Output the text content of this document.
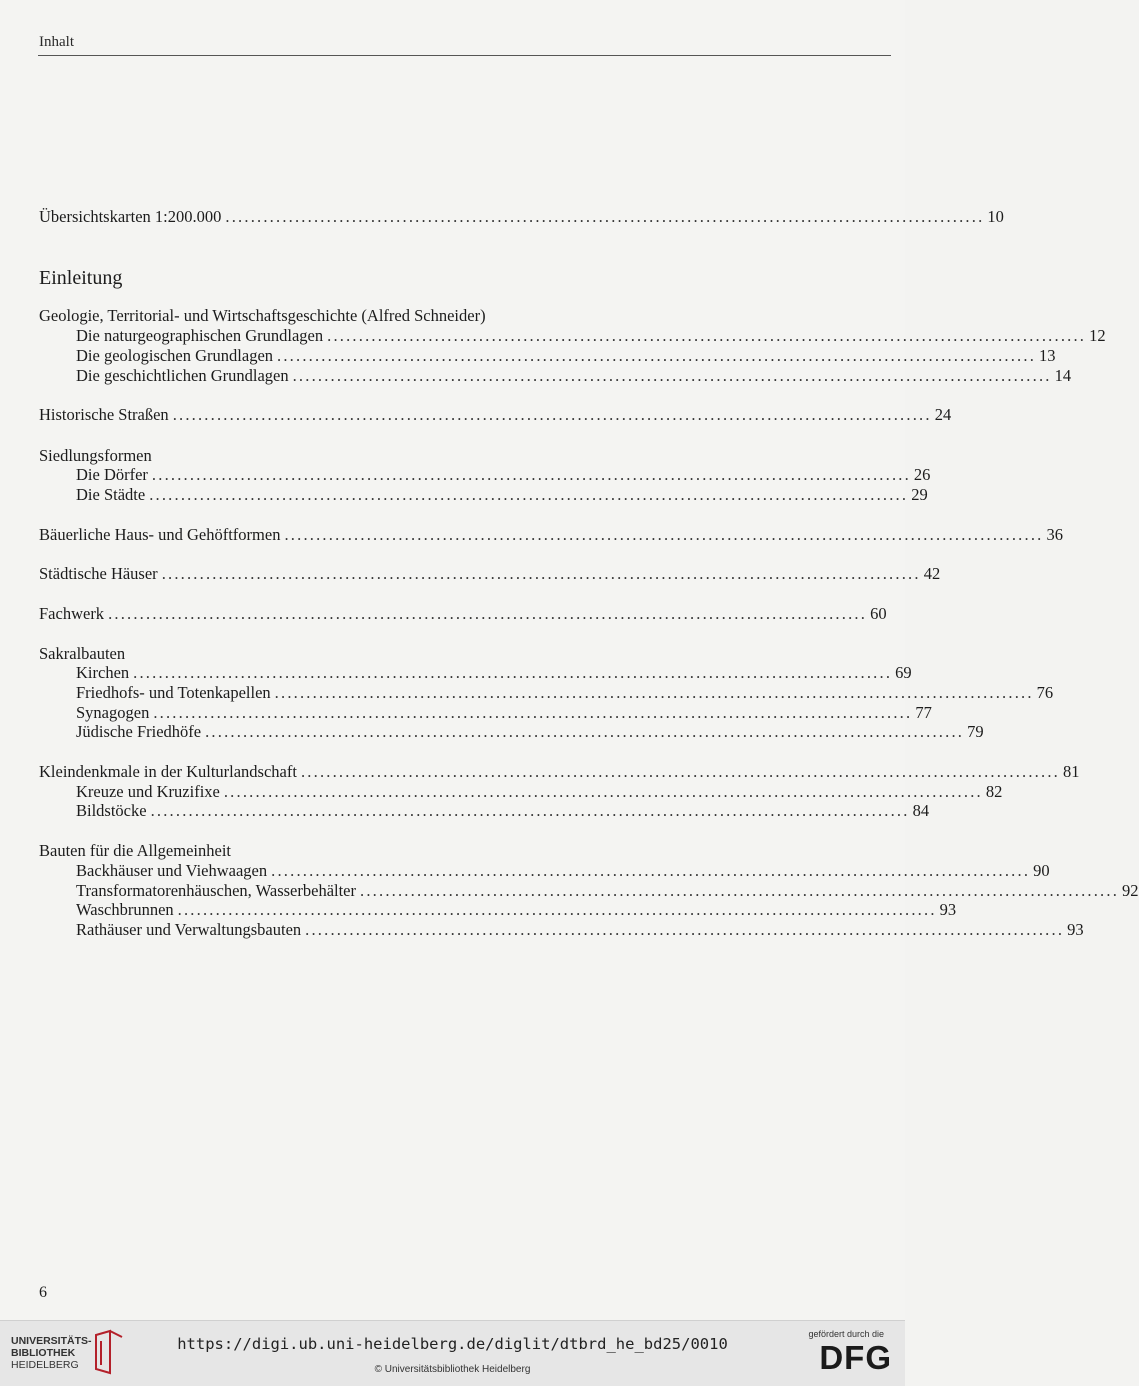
Inhalt
Übersichtskarten 1:200.000 ........................................................................................................................ 10
Einleitung
Geologie, Territorial- und Wirtschaftsgeschichte (Alfred Schneider)
Die naturgeographischen Grundlagen ........................................................................................................................ 12
Die geologischen Grundlagen ........................................................................................................................ 13
Die geschichtlichen Grundlagen ........................................................................................................................ 14
Historische Straßen ........................................................................................................................ 24
Siedlungsformen
Die Dörfer ........................................................................................................................ 26
Die Städte ........................................................................................................................ 29
Bäuerliche Haus- und Gehöftformen ........................................................................................................................ 36
Städtische Häuser ........................................................................................................................ 42
Fachwerk ........................................................................................................................ 60
Sakralbauten
Kirchen ........................................................................................................................ 69
Friedhofs- und Totenkapellen ........................................................................................................................ 76
Synagogen ........................................................................................................................ 77
Jüdische Friedhöfe ........................................................................................................................ 79
Kleindenkmale in der Kulturlandschaft ........................................................................................................................ 81
Kreuze und Kruzifixe ........................................................................................................................ 82
Bildstöcke ........................................................................................................................ 84
Bauten für die Allgemeinheit
Backhäuser und Viehwaagen ........................................................................................................................ 90
Transformatorenhäuschen, Wasserbehälter ........................................................................................................................ 92
Waschbrunnen ........................................................................................................................ 93
Rathäuser und Verwaltungsbauten ........................................................................................................................ 93
6
UNIVERSITÄTS-
BIBLIOTHEK
HEIDELBERG
https://digi.ub.uni-heidelberg.de/diglit/dtbrd_he_bd25/0010
© Universitätsbibliothek Heidelberg
gefördert durch die
DFG
